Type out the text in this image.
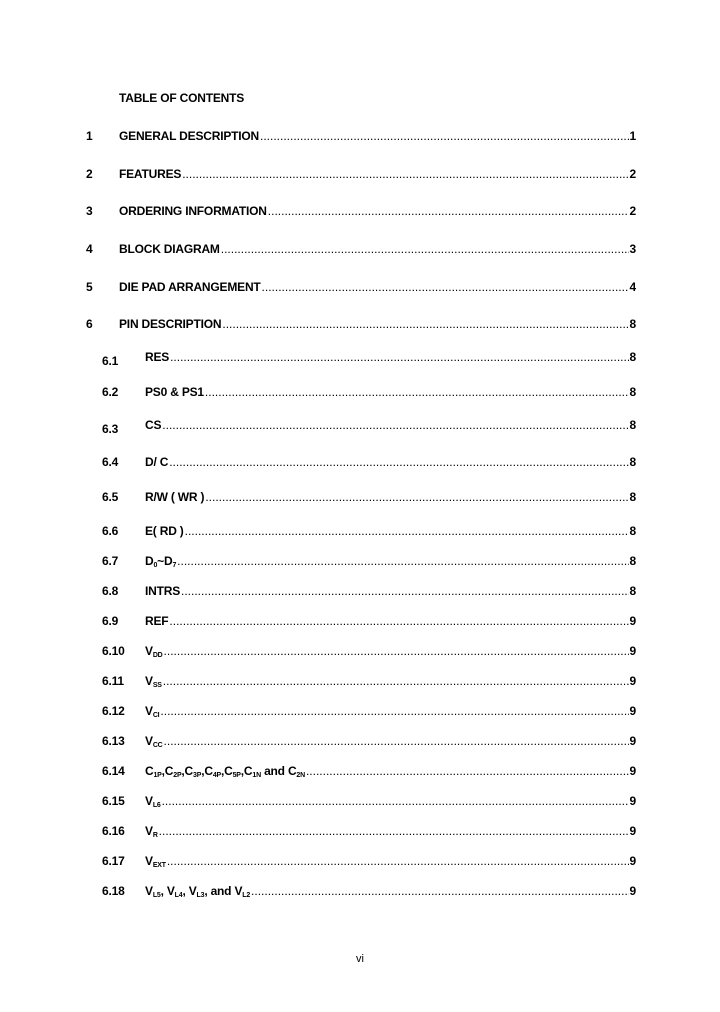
TABLE OF CONTENTS
1 GENERAL DESCRIPTION .....	1
2 FEATURES .....	2
3 ORDERING INFORMATION .....	2
4 BLOCK DIAGRAM .....	3
5 DIE PAD ARRANGEMENT .....	4
6 PIN DESCRIPTION .....	8
6.1 $\overline{RES}$ .....	8
6.2 PS0 & PS1 .....	8
6.3 $\overline{CS}$ .....	8
6.4 D/ C .....	8
6.5 R/W ( $\overline{WR}$ ) .....	8
6.6 E( $\overline{RD}$ ) .....	8
6.7 $D_0\sim D_7$ .....	8
6.8 INTRS .....	8
6.9 REF .....	9
6.10 $V_{DD}$ .....	9
6.11 $V_{SS}$ .....	9
6.12 $V_{CI}$ .....	9
6.13 $V_{CC}$ .....	9
6.14 $C_{1P},C_{2P},C_{3P},C_{4P},C_{5P},C_{1N}$ and $C_{2N}$ .....	9
6.15 $V_{L6}$ .....	9
6.16 $V_R$ .....	9
6.17 $V_{EXT}$ .....	9
6.18 $V_{L5}$, $V_{L4}$, $V_{L3}$, and $V_{L2}$ .....	9
vi
